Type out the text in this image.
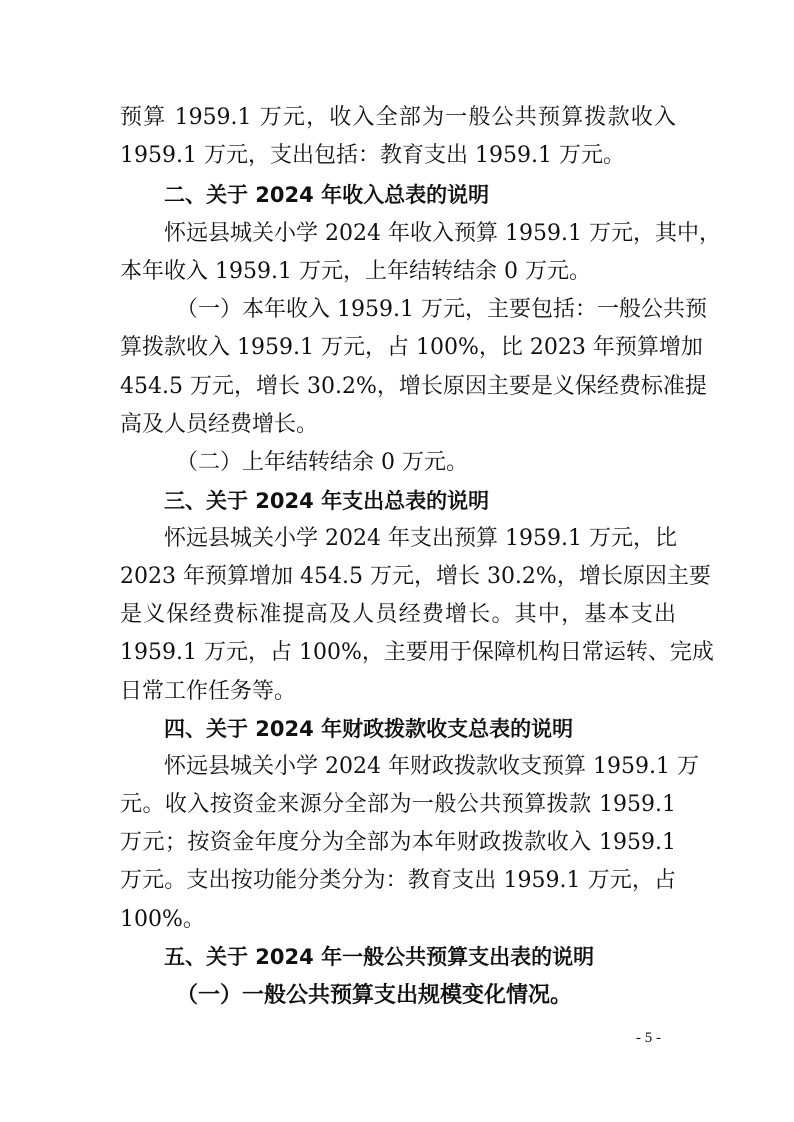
预算 1959.1 万元，收入全部为一般公共预算拨款收入
1959.1 万元，支出包括：教育支出 1959.1 万元。
二、关于 2024 年收入总表的说明
怀远县城关小学 2024 年收入预算 1959.1 万元，其中，
本年收入 1959.1 万元，上年结转结余 0 万元。
（一）本年收入 1959.1 万元，主要包括：一般公共预
算拨款收入 1959.1 万元，占 100%，比 2023 年预算增加
454.5 万元，增长 30.2%，增长原因主要是义保经费标准提
高及人员经费增长。
（二）上年结转结余 0 万元。
三、关于 2024 年支出总表的说明
怀远县城关小学 2024 年支出预算 1959.1 万元，比
2023 年预算增加 454.5 万元，增长 30.2%，增长原因主要
是义保经费标准提高及人员经费增长。其中，基本支出
1959.1 万元，占 100%，主要用于保障机构日常运转、完成
日常工作任务等。
四、关于 2024 年财政拨款收支总表的说明
怀远县城关小学 2024 年财政拨款收支预算 1959.1 万
元。收入按资金来源分全部为一般公共预算拨款 1959.1
万元；按资金年度分为全部为本年财政拨款收入 1959.1
万元。支出按功能分类分为：教育支出 1959.1 万元，占
100%。
五、关于 2024 年一般公共预算支出表的说明
（一）一般公共预算支出规模变化情况。
- 5 -
